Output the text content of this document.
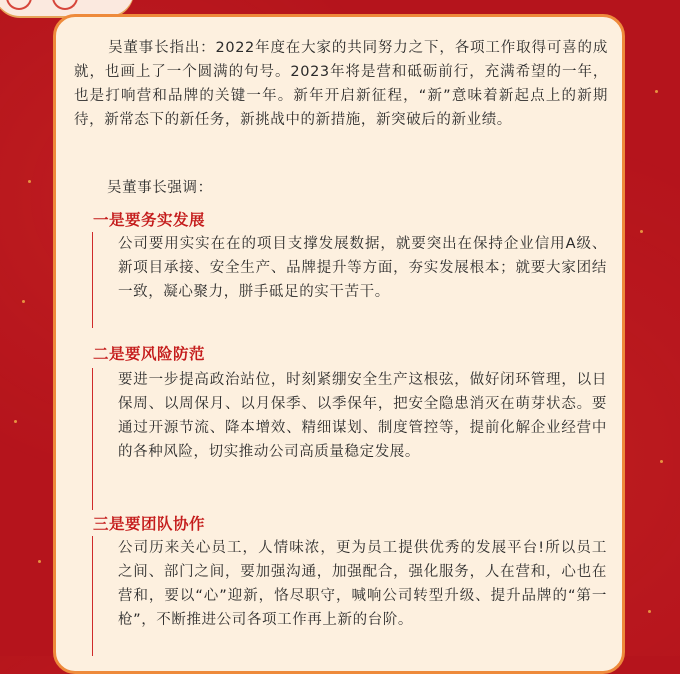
吴董事长指出：2022年度在大家的共同努力之下，各项工作取得可喜的成就，也画上了一个圆满的句号。2023年将是营和砥砺前行，充满希望的一年，也是打响营和品牌的关键一年。新年开启新征程，“新”意味着新起点上的新期待，新常态下的新任务，新挑战中的新措施，新突破后的新业绩。

吴董事长强调：

一是要务实发展

公司要用实实在在的项目支撑发展数据，就要突出在保持企业信用A级、新项目承接、安全生产、品牌提升等方面，夯实发展根本；就要大家团结一致，凝心聚力，胼手砥足的实干苦干。

二是要风险防范

要进一步提高政治站位，时刻紧绷安全生产这根弦，做好闭环管理，以日保周、以周保月、以月保季、以季保年，把安全隐患消灭在萌芽状态。要通过开源节流、降本增效、精细谋划、制度管控等，提前化解企业经营中的各种风险，切实推动公司高质量稳定发展。

三是要团队协作

公司历来关心员工，人情味浓，更为员工提供优秀的发展平台!所以员工之间、部门之间，要加强沟通，加强配合，强化服务，人在营和，心也在营和，要以“心”迎新，恪尽职守，喊响公司转型升级、提升品牌的“第一枪”，不断推进公司各项工作再上新的台阶。
